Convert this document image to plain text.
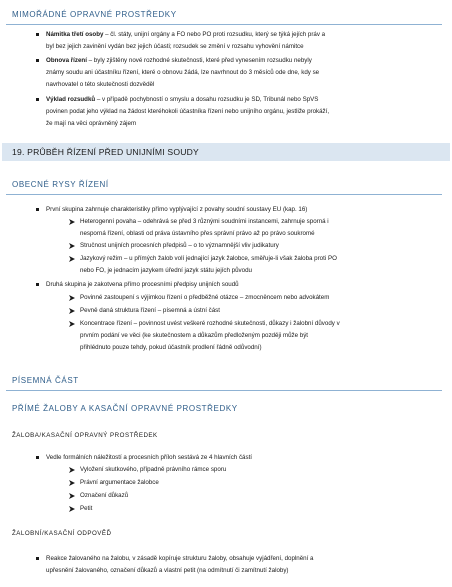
MIMOŘÁDNÉ OPRAVNÉ PROSTŘEDKY
Námitka třetí osoby – čl. státy, unijní orgány a FO nebo PO proti rozsudku, který se týká jejích práv a
byl bez jejich zavinění vydán bez jejich účasti; rozsudek se změní v rozsahu vyhovění námitce
Obnova řízení – byly zjištěny nové rozhodné skutečnosti, které před vynesením rozsudku nebyly
známy soudu ani účastníku řízení, které o obnovu žádá, lze navrhnout do 3 měsíců ode dne, kdy se
navrhovatel o této skutečnosti dozvěděl
Výklad rozsudků – v případě pochybností o smyslu a dosahu rozsudku je SD, Tribunál nebo SpVS
povinen podat jeho výklad na žádost kteréhokoli účastníka řízení nebo unijního orgánu, jestliže prokáží,
že mají na věci oprávněný zájem
19. PRŮBĚH ŘÍZENÍ PŘED UNIJNÍMI SOUDY
OBECNÉ RYSY ŘÍZENÍ
První skupina zahrnuje charakteristiky přímo vyplývající z povahy soudní soustavy EU (kap. 16)
Heterogenní povaha – odehrává se před 3 různými soudními instancemi, zahrnuje sporná i
nesporná řízení, oblasti od práva ústavního přes správní právo až po právo soukromé
Stručnost unijních procesních předpisů – o to významnější vliv judikatury
Jazykový režim – u přímých žalob volí jednající jazyk žalobce, směřuje-li však žaloba proti PO
nebo FO, je jednacím jazykem úřední jazyk státu jejích původu
Druhá skupina je zakotvena přímo procesními předpisy unijních soudů
Povinné zastoupení s výjimkou řízení o předběžné otázce – zmocněncem nebo advokátem
Pevně daná struktura řízení – písemná a ústní část
Koncentrace řízení – povinnost uvést veškeré rozhodné skutečnosti, důkazy i žalobní důvody v
prvním podání ve věci (ke skutečnostem a důkazům předloženým později může být
přihlédnuto pouze tehdy, pokud účastník prodlení řádně odůvodní)
PÍSEMNÁ ČÁST
PŘÍMÉ ŽALOBY A KASAČNÍ OPRAVNÉ PROSTŘEDKY
ŽALOBA/KASAČNÍ OPRAVNÝ PROSTŘEDEK
Vedle formálních náležitostí a procesních příloh sestává ze 4 hlavních částí
Vyložení skutkového, případně právního rámce sporu
Právní argumentace žalobce
Označení důkazů
Petit
ŽALOBNÍ/KASAČNÍ ODPOVĚĎ
Reakce žalovaného na žalobu, v zásadě kopíruje strukturu žaloby, obsahuje vyjádření, doplnění a
upřesnění žalovaného, označení důkazů a vlastní petit (na odmítnutí či zamítnutí žaloby)
